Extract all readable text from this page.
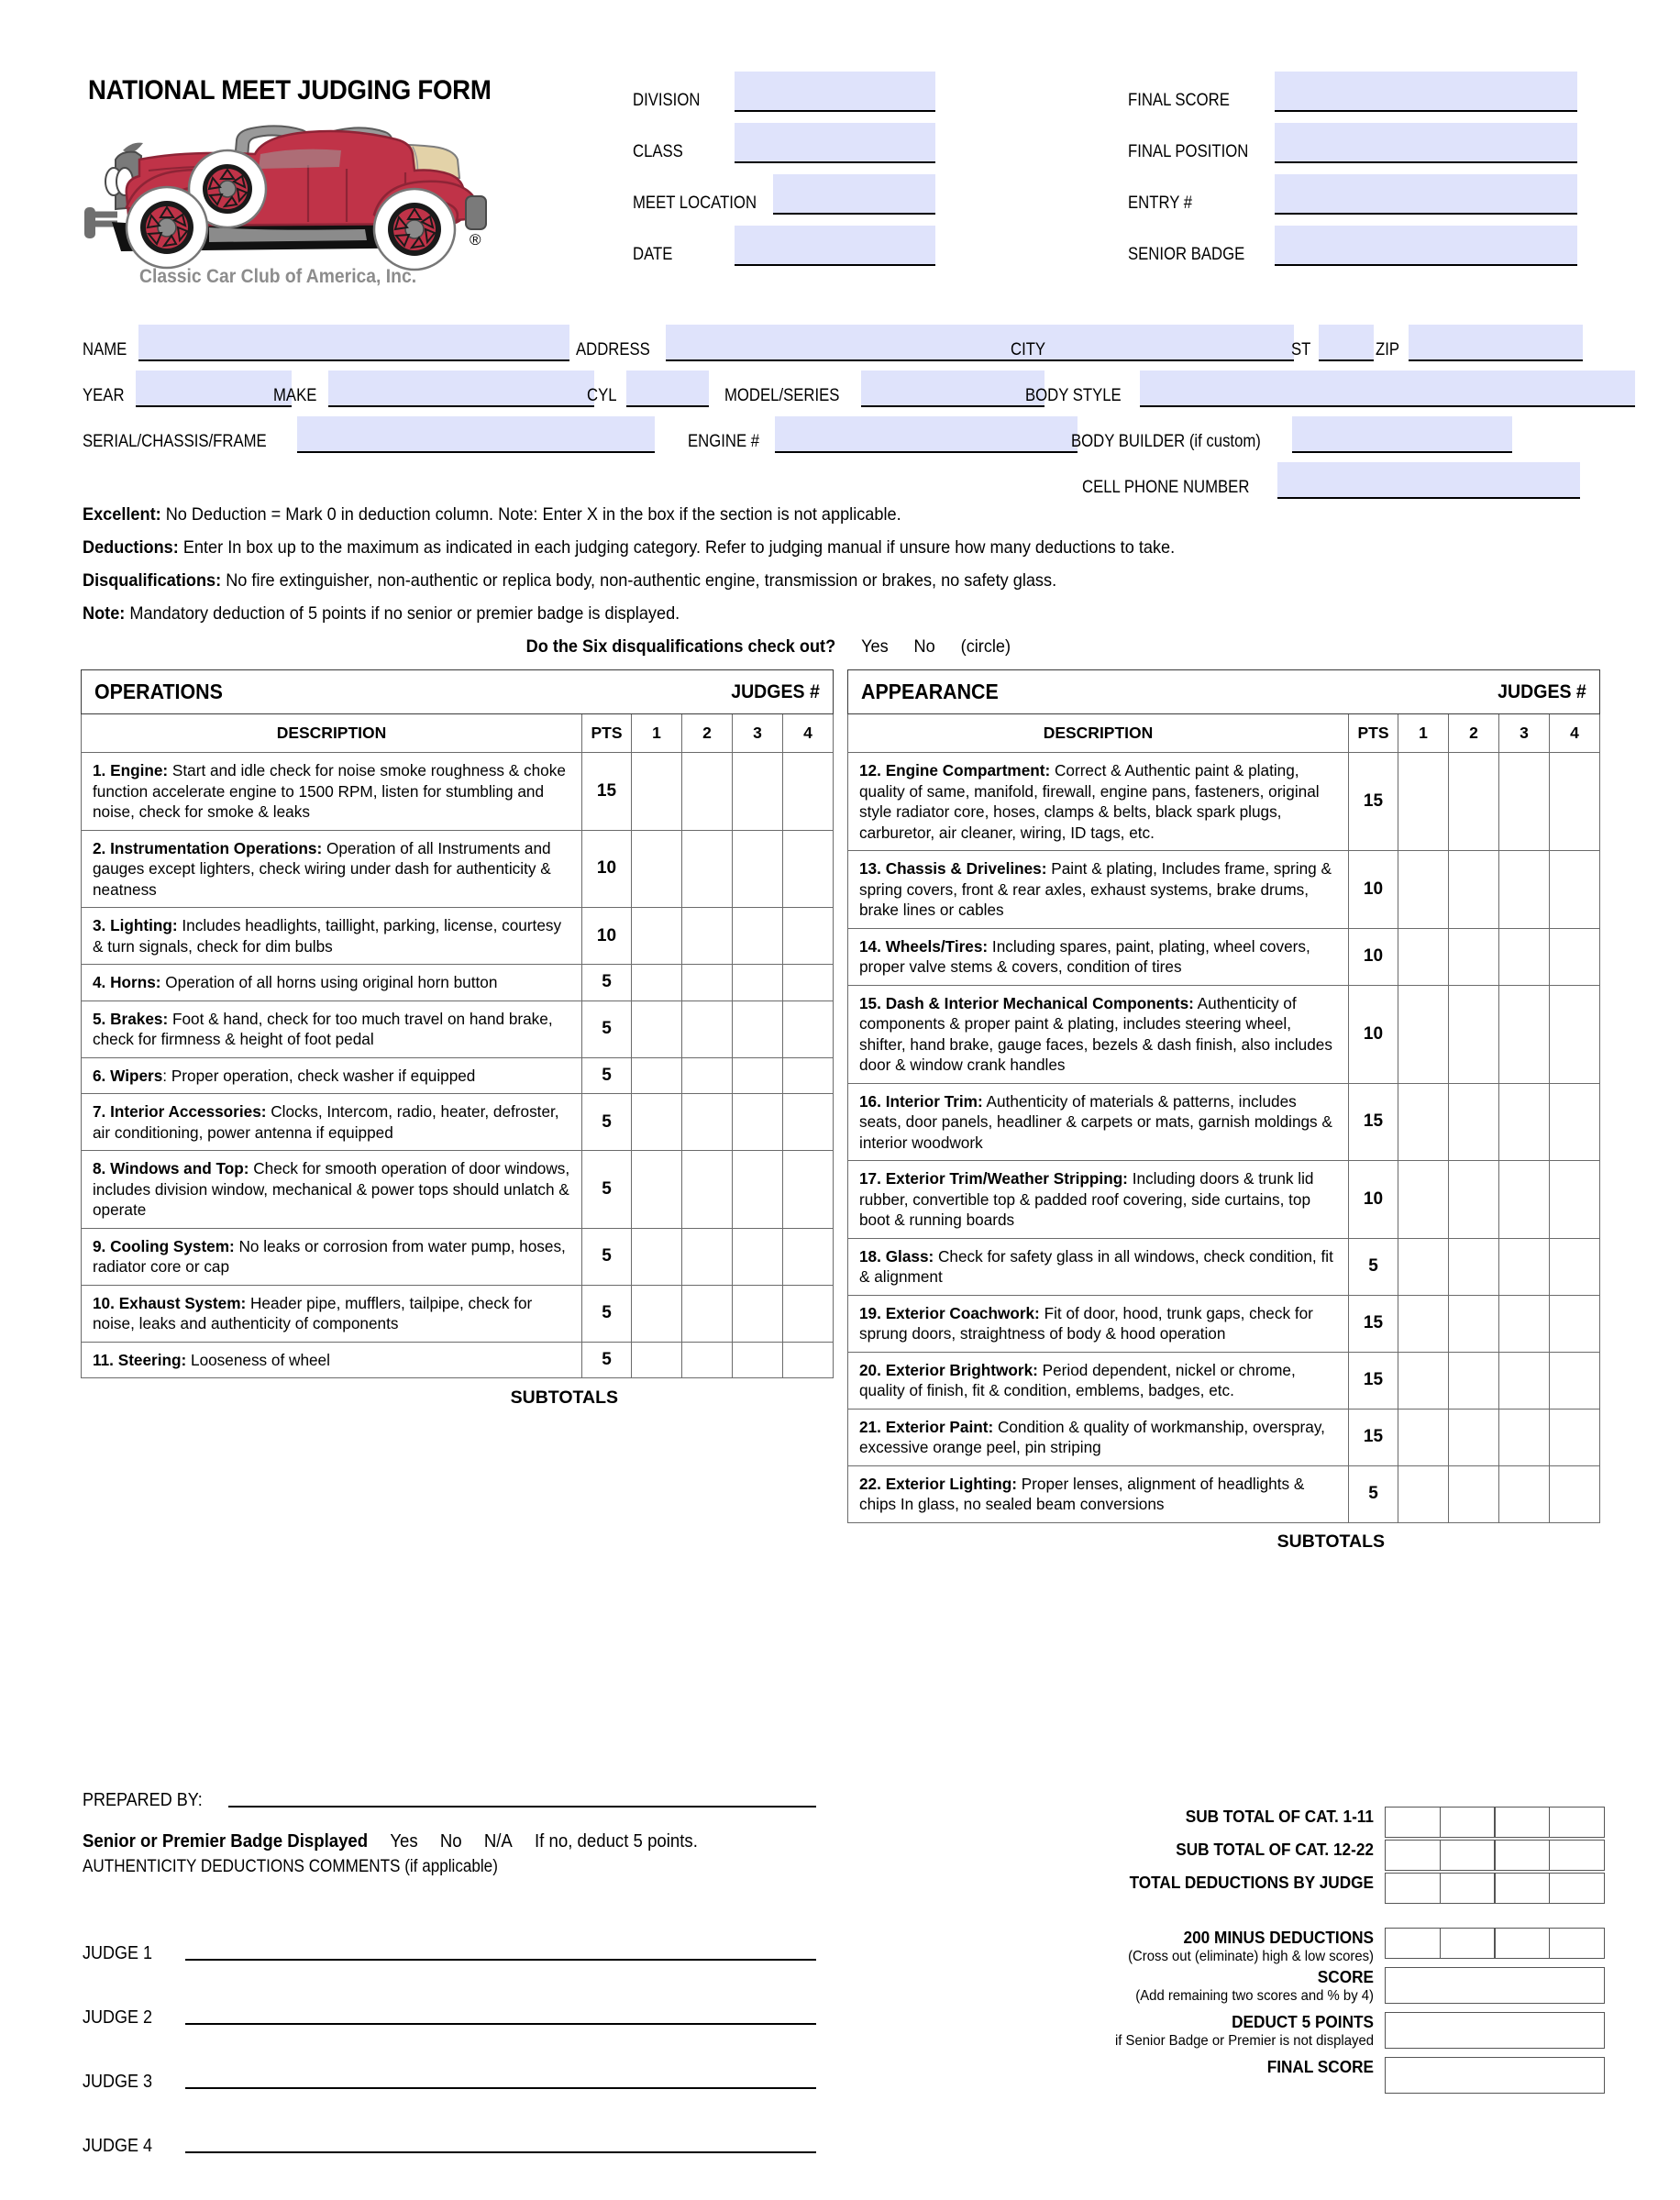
NATIONAL MEET JUDGING FORM
®
Classic Car Club of America, Inc.
DIVISION
CLASS
MEET LOCATION
DATE
FINAL SCORE
FINAL POSITION
ENTRY #
SENIOR BADGE
NAME	ADDRESS	CITY	ST	ZIP
YEAR	MAKE	CYL	MODEL/SERIES	BODY STYLE
SERIAL/CHASSIS/FRAME	ENGINE #	BODY BUILDER (if custom)
CELL PHONE NUMBER
Excellent: No Deduction = Mark 0 in deduction column. Note: Enter X in the box if the section is not applicable.
Deductions: Enter In box up to the maximum as indicated in each judging category. Refer to judging manual if unsure how many deductions to take.
Disqualifications: No fire extinguisher, non-authentic or replica body, non-authentic engine, transmission or brakes, no safety glass.
Note: Mandatory deduction of 5 points if no senior or premier badge is displayed.
Do the Six disqualifications check out? Yes No (circle)
OPERATIONS JUDGES #					

DESCRIPTION	PTS	1	2	3	4
1. Engine: Start and idle check for noise smoke roughness & choke function accelerate engine to 1500 RPM, listen for stumbling and noise, check for smoke & leaks	15				
2. Instrumentation Operations: Operation of all Instruments and gauges except lighters, check wiring under dash for authenticity & neatness	10				
3. Lighting: Includes headlights, taillight, parking, license, courtesy & turn signals, check for dim bulbs	10				
4. Horns: Operation of all horns using original horn button	5				
5. Brakes: Foot & hand, check for too much travel on hand brake, check for firmness & height of foot pedal	5				
6. Wipers: Proper operation, check washer if equipped	5				
7. Interior Accessories: Clocks, Intercom, radio, heater, defroster, air conditioning, power antenna if equipped	5				
8. Windows and Top: Check for smooth operation of door windows, includes division window, mechanical & power tops should unlatch & operate	5				
9. Cooling System: No leaks or corrosion from water pump, hoses, radiator core or cap	5				
10. Exhaust System: Header pipe, mufflers, tailpipe, check for noise, leaks and authenticity of components	5				
11. Steering: Looseness of wheel	5				
SUBTOTALS				
APPEARANCE JUDGES #					

DESCRIPTION	PTS	1	2	3	4
12. Engine Compartment: Correct & Authentic paint & plating, quality of same, manifold, firewall, engine pans, fasteners, original style radiator core, hoses, clamps & belts, black spark plugs, carburetor, air cleaner, wiring, ID tags, etc.	15				
13. Chassis & Drivelines: Paint & plating, Includes frame, spring & spring covers, front & rear axles, exhaust systems, brake drums, brake lines or cables	10				
14. Wheels/Tires: Including spares, paint, plating, wheel covers, proper valve stems & covers, condition of tires	10				
15. Dash & Interior Mechanical Components: Authenticity of components & proper paint & plating, includes steering wheel, shifter, hand brake, gauge faces, bezels & dash finish, also includes door & window crank handles	10				
16. Interior Trim: Authenticity of materials & patterns, includes seats, door panels, headliner & carpets or mats, garnish moldings & interior woodwork	15				
17. Exterior Trim/Weather Stripping: Including doors & trunk lid rubber, convertible top & padded roof covering, side curtains, top boot & running boards	10				
18. Glass: Check for safety glass in all windows, check condition, fit & alignment	5				
19. Exterior Coachwork: Fit of door, hood, trunk gaps, check for sprung doors, straightness of body & hood operation	15				
20. Exterior Brightwork: Period dependent, nickel or chrome, quality of finish, fit & condition, emblems, badges, etc.	15				
21. Exterior Paint: Condition & quality of workmanship, overspray, excessive orange peel, pin striping	15				
22. Exterior Lighting: Proper lenses, alignment of headlights & chips In glass, no sealed beam conversions	5				
SUBTOTALS				
PREPARED BY:
Senior or Premier Badge Displayed Yes No N/A If no, deduct 5 points.
AUTHENTICITY DEDUCTIONS COMMENTS (if applicable)
JUDGE 1
JUDGE 2
JUDGE 3
JUDGE 4
SUB TOTAL OF CAT. 1-11
SUB TOTAL OF CAT. 12-22
TOTAL DEDUCTIONS BY JUDGE
200 MINUS DEDUCTIONS
(Cross out (eliminate) high & low scores)
SCORE
(Add remaining two scores and % by 4)
DEDUCT 5 POINTS
if Senior Badge or Premier is not displayed
FINAL SCORE
